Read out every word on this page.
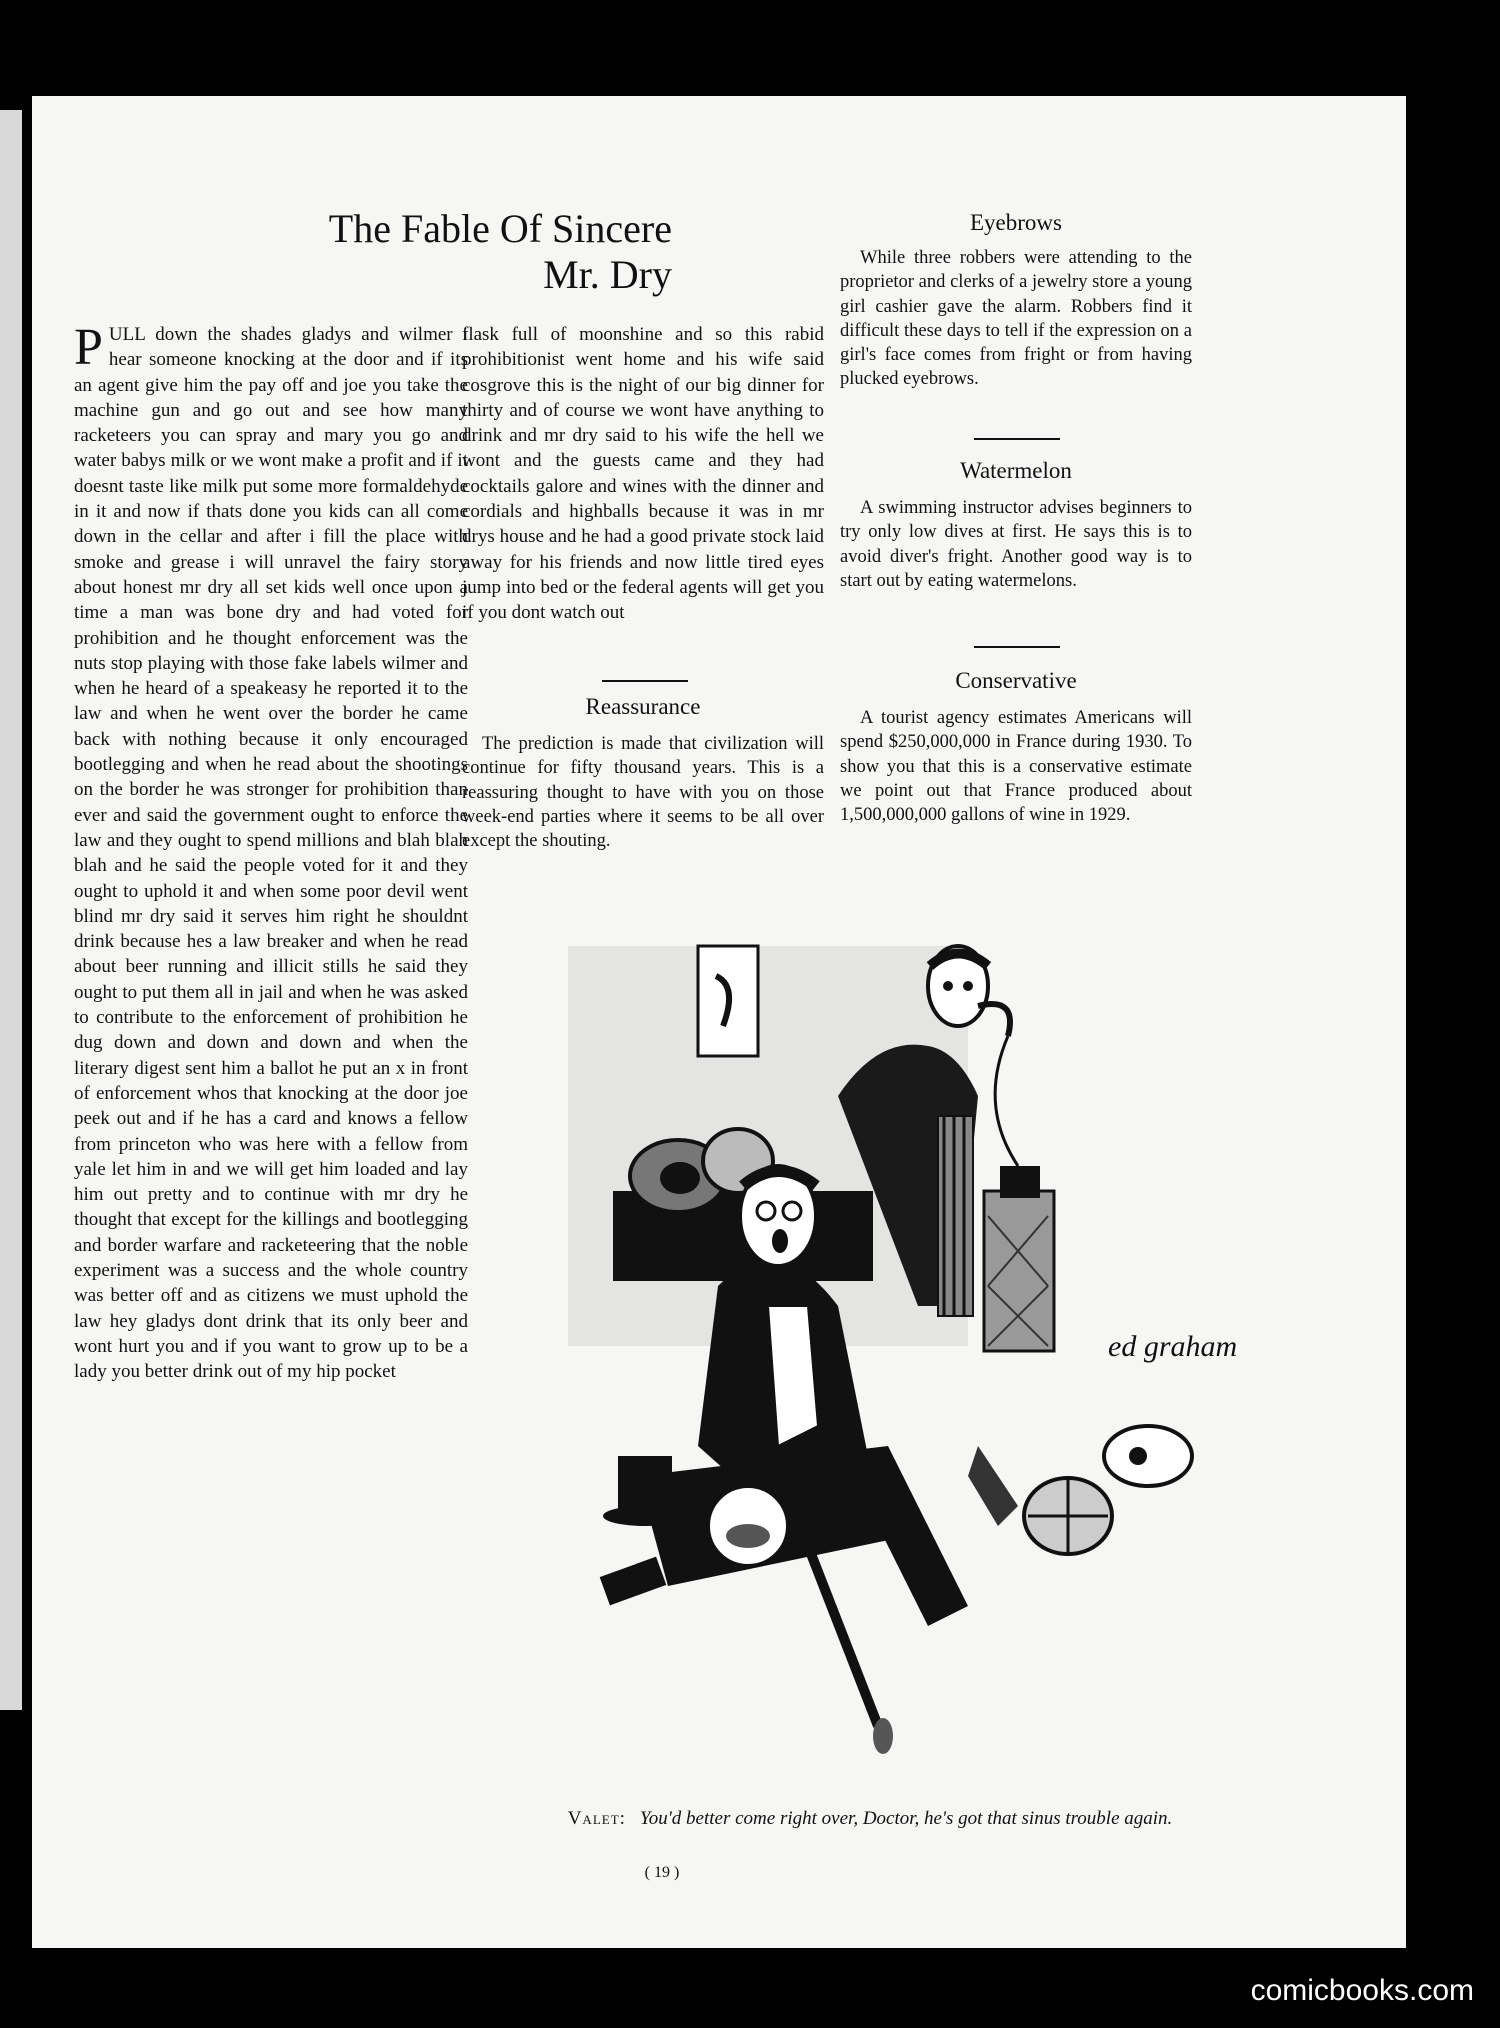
The Fable Of Sincere
Mr. Dry
PULL down the shades gladys and wilmer i hear someone knocking at the door and if its an agent give him the pay off and joe you take the machine gun and go out and see how many racketeers you can spray and mary you go and water babys milk or we wont make a profit and if it doesnt taste like milk put some more formaldehyde in it and now if thats done you kids can all come down in the cellar and after i fill the place with smoke and grease i will unravel the fairy story about honest mr dry all set kids well once upon a time a man was bone dry and had voted for prohibition and he thought enforcement was the nuts stop playing with those fake labels wilmer and when he heard of a speakeasy he reported it to the law and when he went over the border he came back with nothing because it only encouraged bootlegging and when he read about the shootings on the border he was stronger for prohibition than ever and said the government ought to enforce the law and they ought to spend millions and blah blah blah and he said the people voted for it and they ought to uphold it and when some poor devil went blind mr dry said it serves him right he shouldnt drink because hes a law breaker and when he read about beer running and illicit stills he said they ought to put them all in jail and when he was asked to contribute to the enforcement of prohibition he dug down and down and down and when the literary digest sent him a ballot he put an x in front of enforcement whos that knocking at the door joe peek out and if he has a card and knows a fellow from princeton who was here with a fellow from yale let him in and we will get him loaded and lay him out pretty and to continue with mr dry he thought that except for the killings and bootlegging and border warfare and racketeering that the noble experiment was a success and the whole country was better off and as citizens we must uphold the law hey gladys dont drink that its only beer and wont hurt you and if you want to grow up to be a lady you better drink out of my hip pocket
flask full of moonshine and so this rabid prohibitionist went home and his wife said cosgrove this is the night of our big dinner for thirty and of course we wont have anything to drink and mr dry said to his wife the hell we wont and the guests came and they had cocktails galore and wines with the dinner and cordials and highballs because it was in mr drys house and he had a good private stock laid away for his friends and now little tired eyes jump into bed or the federal agents will get you if you dont watch out
Reassurance
The prediction is made that civilization will continue for fifty thousand years. This is a reassuring thought to have with you on those week-end parties where it seems to be all over except the shouting.
Eyebrows
While three robbers were attending to the proprietor and clerks of a jewelry store a young girl cashier gave the alarm. Robbers find it difficult these days to tell if the expression on a girl's face comes from fright or from having plucked eyebrows.
Watermelon
A swimming instructor advises beginners to try only low dives at first. He says this is to avoid diver's fright. Another good way is to start out by eating watermelons.
Conservative
A tourist agency estimates Americans will spend $250,000,000 in France during 1930. To show you that this is a conservative estimate we point out that France produced about 1,500,000,000 gallons of wine in 1929.
ed graham
Valet: You'd better come right over, Doctor, he's got that sinus trouble again.
( 19 )
comicbooks.com
